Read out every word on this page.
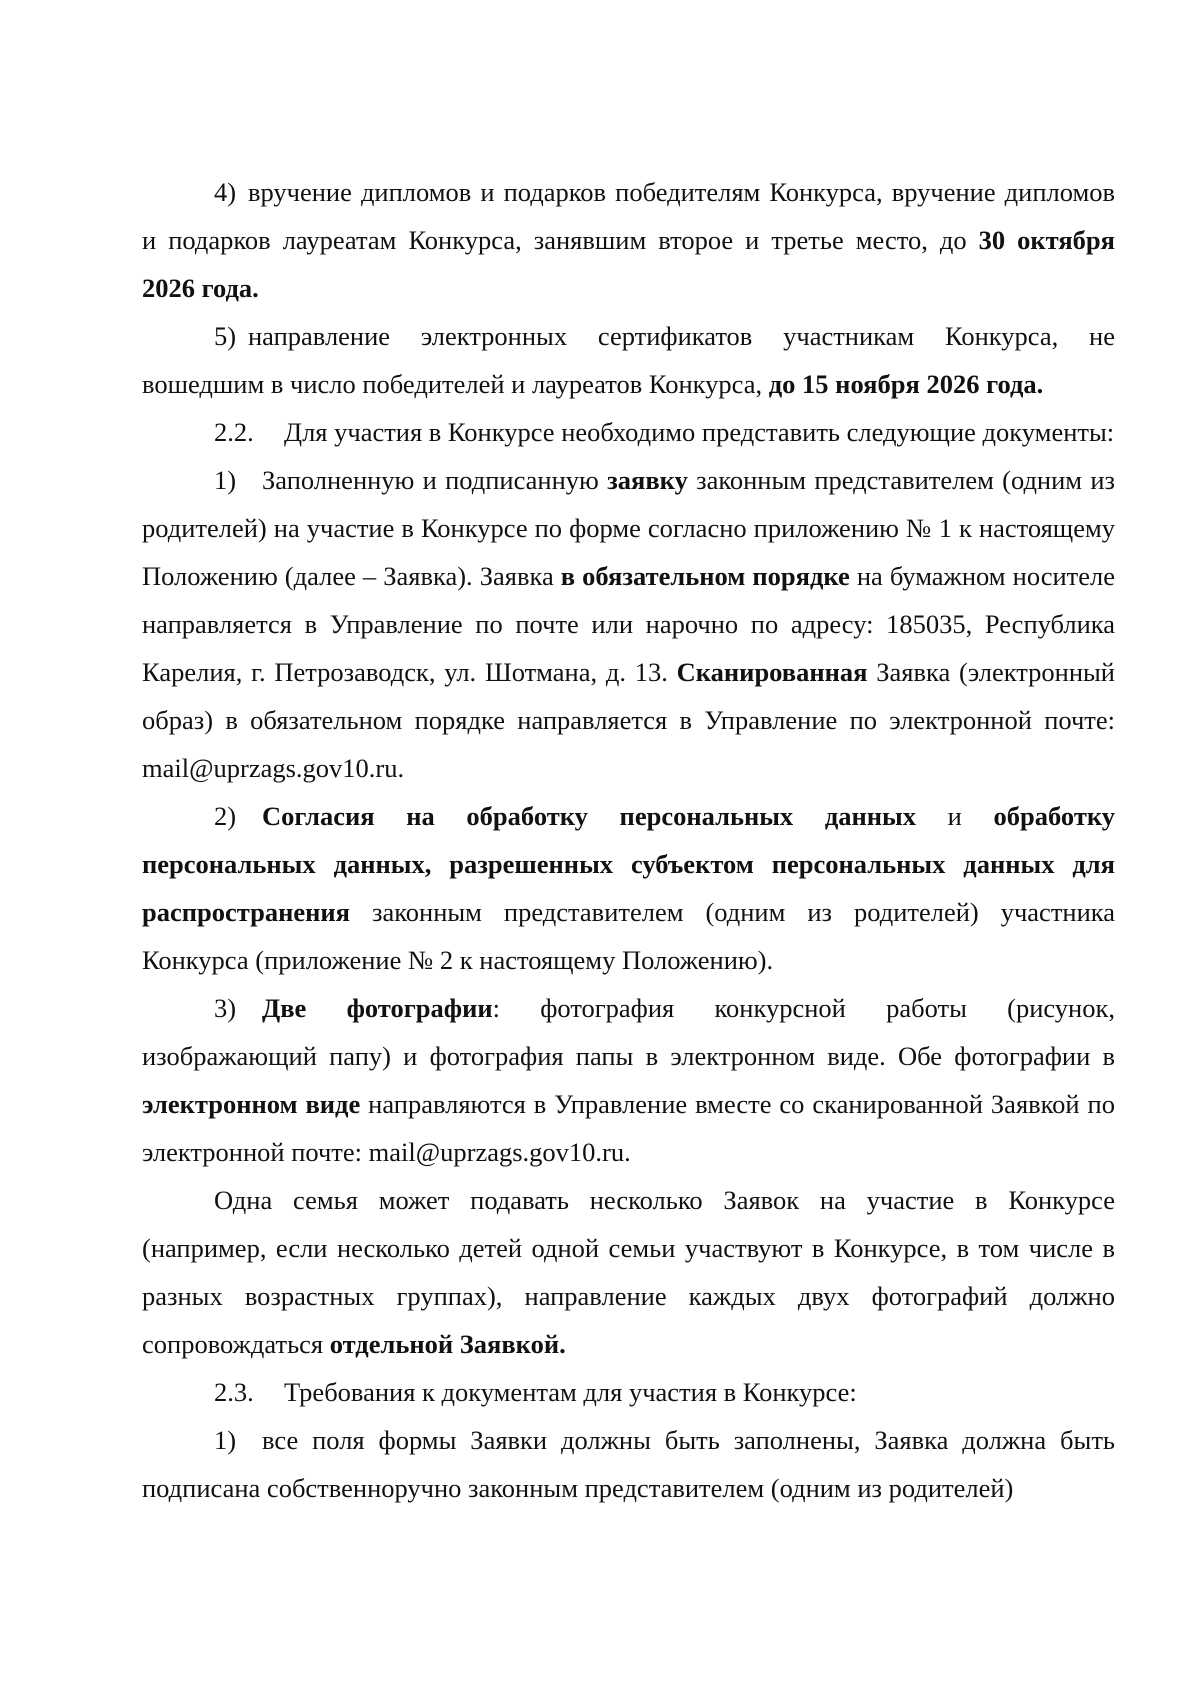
4) вручение дипломов и подарков победителям Конкурса, вручение дипломов и подарков лауреатам Конкурса, занявшим второе и третье место, до 30 октября 2026 года.

5) направление электронных сертификатов участникам Конкурса, не вошедшим в число победителей и лауреатов Конкурса, до 15 ноября 2026 года.

2.2. Для участия в Конкурсе необходимо представить следующие документы:

1) Заполненную и подписанную заявку законным представителем (одним из родителей) на участие в Конкурсе по форме согласно приложению № 1 к настоящему Положению (далее – Заявка). Заявка в обязательном порядке на бумажном носителе направляется в Управление по почте или нарочно по адресу: 185035, Республика Карелия, г. Петрозаводск, ул. Шотмана, д. 13. Сканированная Заявка (электронный образ) в обязательном порядке направляется в Управление по электронной почте: mail@uprzags.gov10.ru.

2) Согласия на обработку персональных данных и обработку персональных данных, разрешенных субъектом персональных данных для распространения законным представителем (одним из родителей) участника Конкурса (приложение № 2 к настоящему Положению).

3) Две фотографии: фотография конкурсной работы (рисунок, изображающий папу) и фотография папы в электронном виде. Обе фотографии в электронном виде направляются в Управление вместе со сканированной Заявкой по электронной почте: mail@uprzags.gov10.ru.

Одна семья может подавать несколько Заявок на участие в Конкурсе (например, если несколько детей одной семьи участвуют в Конкурсе, в том числе в разных возрастных группах), направление каждых двух фотографий должно сопровождаться отдельной Заявкой.

2.3. Требования к документам для участия в Конкурсе:

1) все поля формы Заявки должны быть заполнены, Заявка должна быть подписана собственноручно законным представителем (одним из родителей)
